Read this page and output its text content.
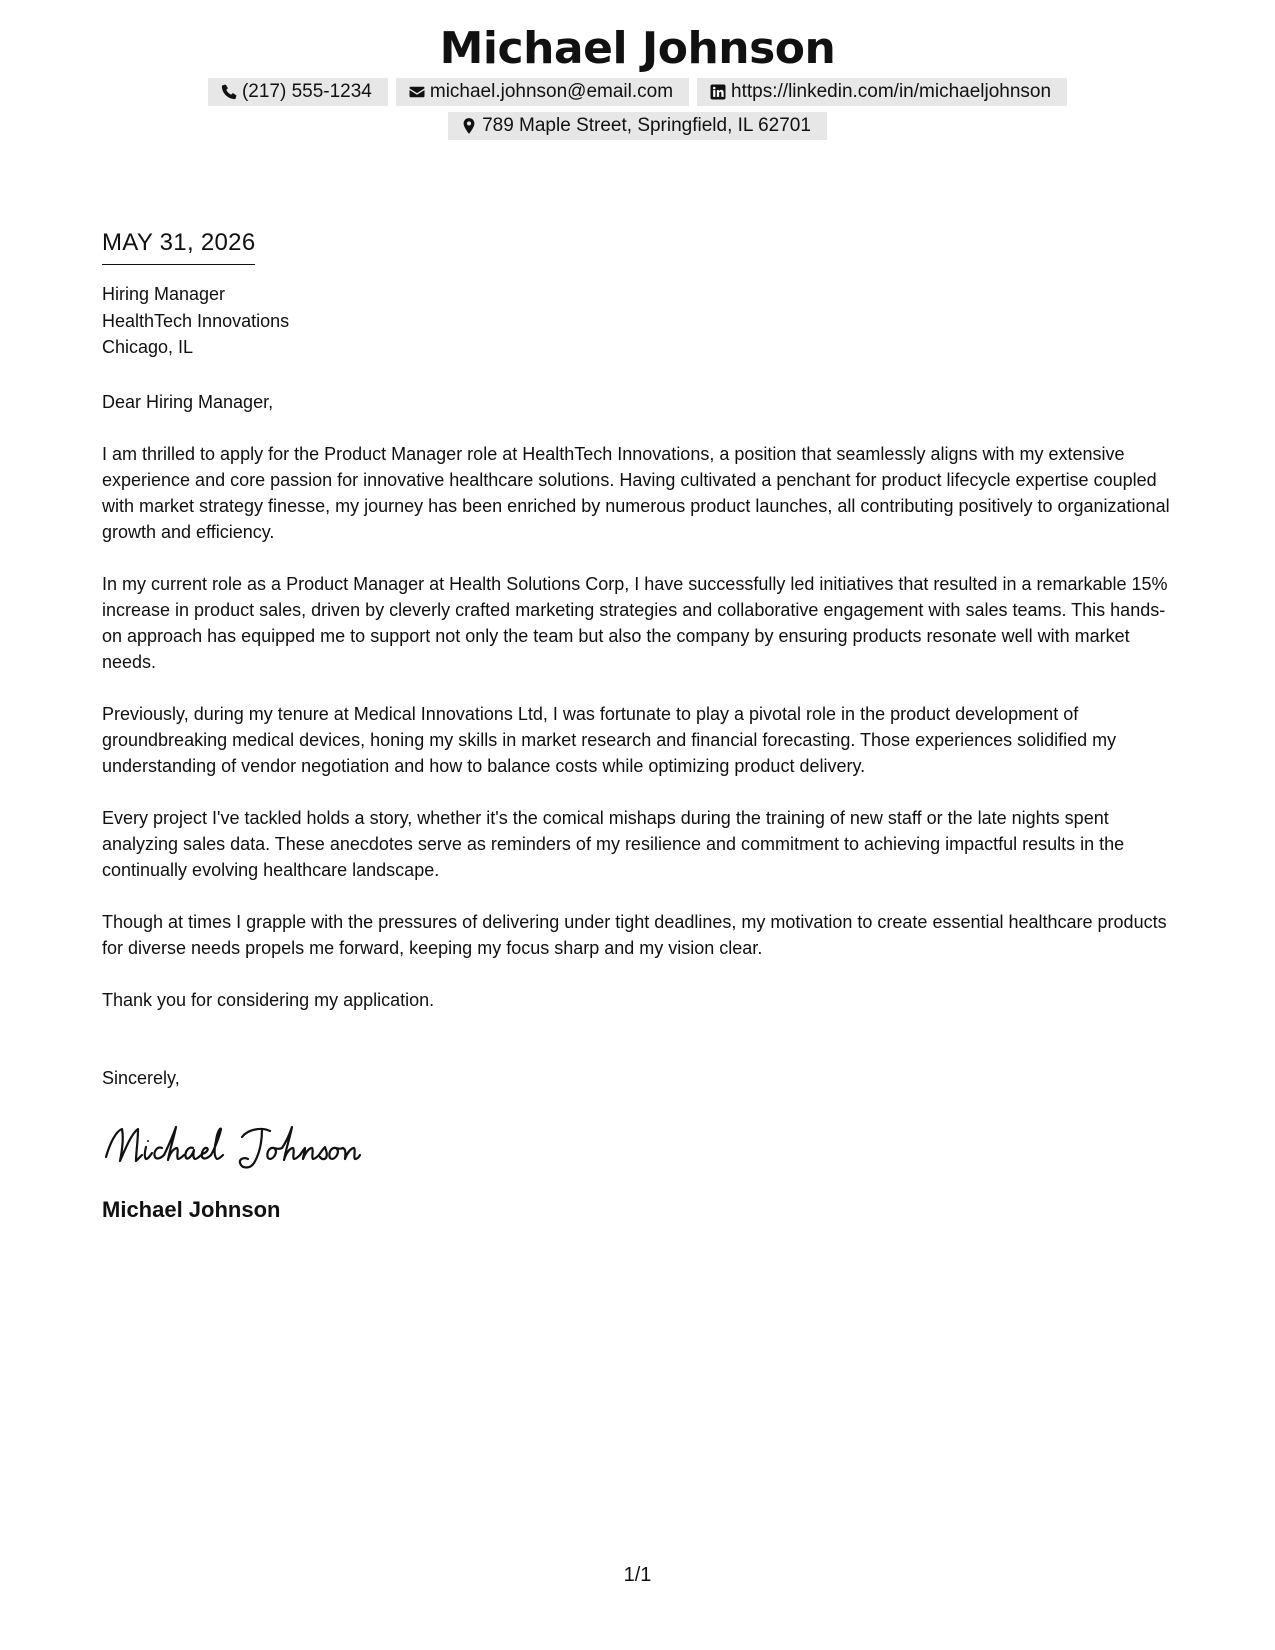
Michael Johnson
(217) 555-1234	michael.johnson@email.com	https://linkedin.com/in/michaeljohnson
789 Maple Street, Springfield, IL 62701
MAY 31, 2026
Hiring Manager
HealthTech Innovations
Chicago, IL
Dear Hiring Manager,

I am thrilled to apply for the Product Manager role at HealthTech Innovations, a position that seamlessly aligns with my extensive experience and core passion for innovative healthcare solutions. Having cultivated a penchant for product lifecycle expertise coupled with market strategy finesse, my journey has been enriched by numerous product launches, all contributing positively to organizational growth and efficiency.

In my current role as a Product Manager at Health Solutions Corp, I have successfully led initiatives that resulted in a remarkable 15% increase in product sales, driven by cleverly crafted marketing strategies and collaborative engagement with sales teams. This hands-on approach has equipped me to support not only the team but also the company by ensuring products resonate well with market needs.

Previously, during my tenure at Medical Innovations Ltd, I was fortunate to play a pivotal role in the product development of groundbreaking medical devices, honing my skills in market research and financial forecasting. Those experiences solidified my understanding of vendor negotiation and how to balance costs while optimizing product delivery.

Every project I've tackled holds a story, whether it's the comical mishaps during the training of new staff or the late nights spent analyzing sales data. These anecdotes serve as reminders of my resilience and commitment to achieving impactful results in the continually evolving healthcare landscape.

Though at times I grapple with the pressures of delivering under tight deadlines, my motivation to create essential healthcare products for diverse needs propels me forward, keeping my focus sharp and my vision clear.

Thank you for considering my application.

Sincerely,
Michael Johnson
1/1
